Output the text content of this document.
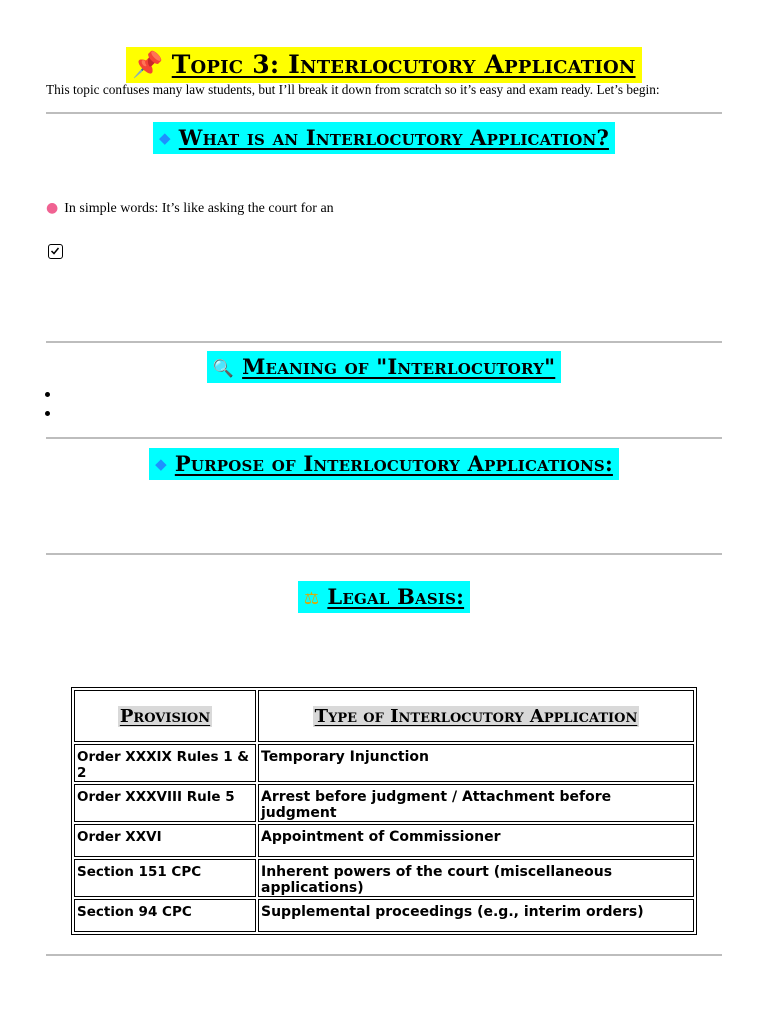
📌 Topic 3: Interlocutory Application
This topic confuses many law students, but I’ll break it down from scratch so it’s easy and exam ready. Let’s begin:
◆ What is an Interlocutory Application?
● In simple words: It’s like asking the court for an
🔍 Meaning of "Interlocutory"
◆ Purpose of Interlocutory Applications:
⚖ Legal Basis:
Provision	Type of Interlocutory Application
Order XXXIX Rules 1 & 2	Temporary Injunction
Order XXXVIII Rule 5	Arrest before judgment / Attachment before judgment
Order XXVI	Appointment of Commissioner
Section 151 CPC	Inherent powers of the court (miscellaneous applications)
Section 94 CPC	Supplemental proceedings (e.g., interim orders)
